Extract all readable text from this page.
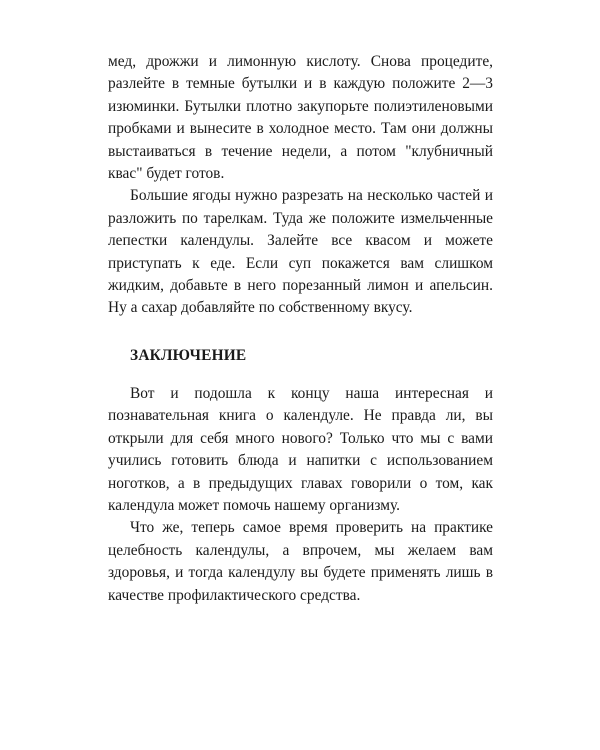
мед, дрожжи и лимонную кислоту. Снова процедите, разлейте в темные бутылки и в каждую положите 2—3 изюминки. Бутылки плотно закупорьте полиэтиленовыми пробками и вынесите в холодное место. Там они должны выстаиваться в течение недели, а потом "клубничный квас" будет готов.

Большие ягоды нужно разрезать на несколько частей и разложить по тарелкам. Туда же положите измельченные лепестки календулы. Залейте все квасом и можете приступать к еде. Если суп покажется вам слишком жидким, добавьте в него порезанный лимон и апельсин. Ну а сахар добавляйте по собственному вкусу.

ЗАКЛЮЧЕНИЕ

Вот и подошла к концу наша интересная и познавательная книга о календуле. Не правда ли, вы открыли для себя много нового? Только что мы с вами учились готовить блюда и напитки с использованием ноготков, а в предыдущих главах говорили о том, как календула может помочь нашему организму.

Что же, теперь самое время проверить на практике целебность календулы, а впрочем, мы желаем вам здоровья, и тогда календулу вы будете применять лишь в качестве профилактического средства.
